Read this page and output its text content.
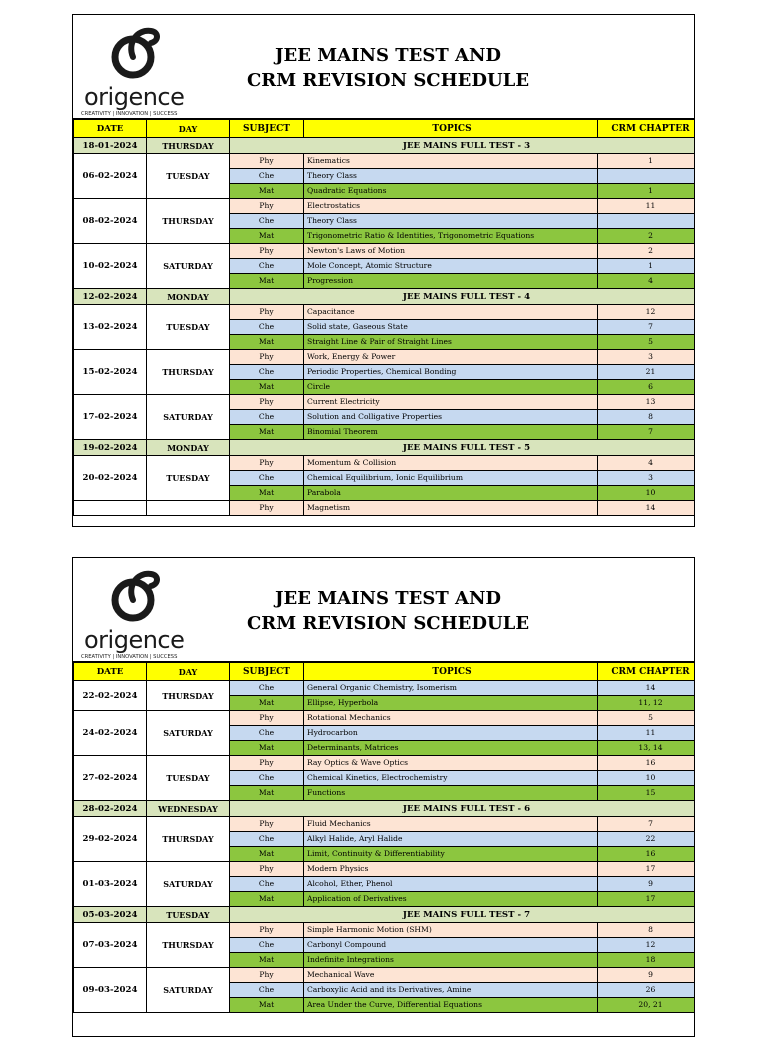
origence
CREATIVITY | INNOVATION | SUCCESS
JEE MAINS TEST AND
CRM REVISION SCHEDULE
DATE	DAY	SUBJECT	TOPICS	CRM CHAPTER
18-01-2024	THURSDAY	JEE MAINS FULL TEST - 3		
06-02-2024	TUESDAY	Phy	Kinematics	1
		Che	Theory Class	
		Mat	Quadratic Equations	1
08-02-2024	THURSDAY	Phy	Electrostatics	11
		Che	Theory Class	
		Mat	Trigonometric Ratio & Identities, Trigonometric Equations	2
10-02-2024	SATURDAY	Phy	Newton's Laws of Motion	2
		Che	Mole Concept, Atomic Structure	1
		Mat	Progression	4
12-02-2024	MONDAY	JEE MAINS FULL TEST - 4		
13-02-2024	TUESDAY	Phy	Capacitance	12
		Che	Solid state, Gaseous State	7
		Mat	Straight Line & Pair of Straight Lines	5
15-02-2024	THURSDAY	Phy	Work, Energy & Power	3
		Che	Periodic Properties, Chemical Bonding	21
		Mat	Circle	6
17-02-2024	SATURDAY	Phy	Current Electricity	13
		Che	Solution and Colligative Properties	8
		Mat	Binomial Theorem	7
19-02-2024	MONDAY	JEE MAINS FULL TEST - 5		
20-02-2024	TUESDAY	Phy	Momentum & Collision	4
		Che	Chemical Equilibrium, Ionic Equilibrium	3
		Mat	Parabola	10
		Phy	Magnetism	14
origence
CREATIVITY | INNOVATION | SUCCESS
JEE MAINS TEST AND
CRM REVISION SCHEDULE
DATE	DAY	SUBJECT	TOPICS	CRM CHAPTER
22-02-2024	THURSDAY	Che	General Organic Chemistry, Isomerism	14
		Mat	Ellipse, Hyperbola	11, 12
24-02-2024	SATURDAY	Phy	Rotational Mechanics	5
		Che	Hydrocarbon	11
		Mat	Determinants, Matrices	13, 14
27-02-2024	TUESDAY	Phy	Ray Optics & Wave Optics	16
		Che	Chemical Kinetics, Electrochemistry	10
		Mat	Functions	15
28-02-2024	WEDNESDAY	JEE MAINS FULL TEST - 6		
29-02-2024	THURSDAY	Phy	Fluid Mechanics	7
		Che	Alkyl Halide, Aryl Halide	22
		Mat	Limit, Continuity & Differentiability	16
01-03-2024	SATURDAY	Phy	Modern Physics	17
		Che	Alcohol, Ether, Phenol	9
		Mat	Application of Derivatives	17
05-03-2024	TUESDAY	JEE MAINS FULL TEST - 7		
07-03-2024	THURSDAY	Phy	Simple Harmonic Motion (SHM)	8
		Che	Carbonyl Compound	12
		Mat	Indefinite Integrations	18
09-03-2024	SATURDAY	Phy	Mechanical Wave	9
		Che	Carboxylic Acid and its Derivatives, Amine	26
		Mat	Area Under the Curve, Differential Equations	20, 21
